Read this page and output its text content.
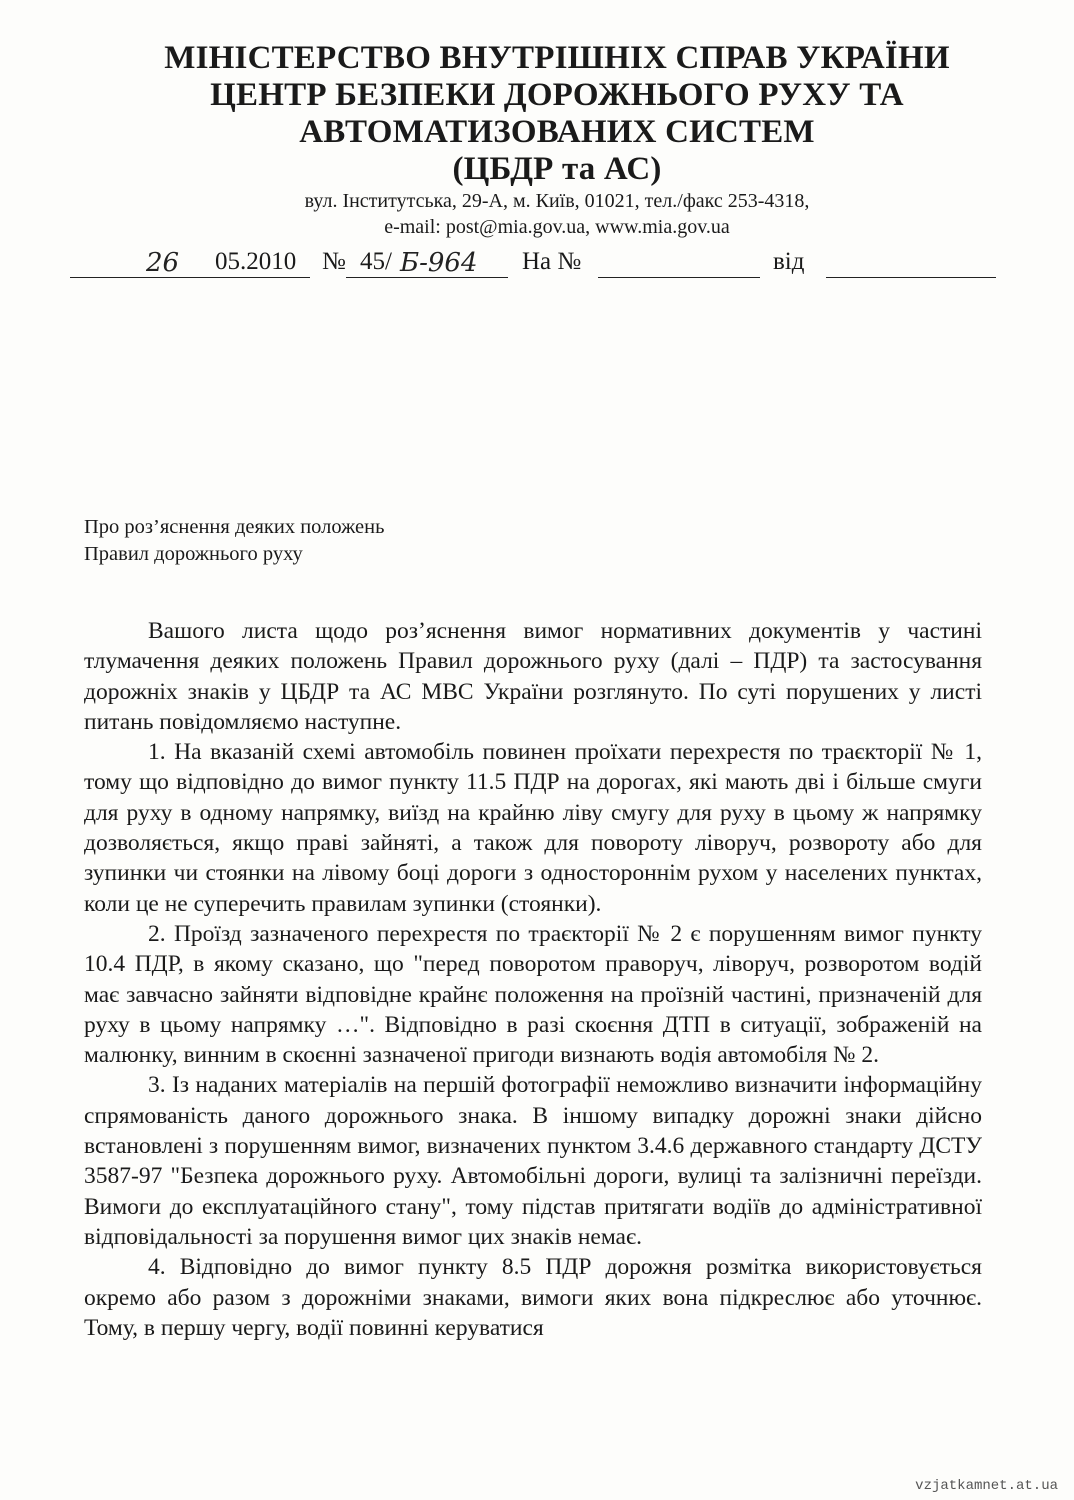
МІНІСТЕРСТВО ВНУТРІШНІХ СПРАВ УКРАЇНИ

ЦЕНТР БЕЗПЕКИ ДОРОЖНЬОГО РУХУ ТА

АВТОМАТИЗОВАНИХ СИСТЕМ

(ЦБДР та АС)

вул. Інститутська, 29-А, м. Київ, 01021, тел./факс 253-4318,

e-mail: post@mia.gov.ua, www.mia.gov.ua

26 05.2010 № 45/ Б-964 На №	від
Про роз’яснення деяких положень
Правил дорожнього руху

Вашого листа щодо роз’яснення вимог нормативних документів у частині тлумачення деяких положень Правил дорожнього руху (далі – ПДР) та застосування дорожніх знаків у ЦБДР та АС МВС України розглянуто. По суті порушених у листі питань повідомляємо наступне.

1. На вказаній схемі автомобіль повинен проїхати перехрестя по траєкторії № 1, тому що відповідно до вимог пункту 11.5 ПДР на дорогах, які мають дві і більше смуги для руху в одному напрямку, виїзд на крайню ліву смугу для руху в цьому ж напрямку дозволяється, якщо праві зайняті, а також для повороту ліворуч, розвороту або для зупинки чи стоянки на лівому боці дороги з одностороннім рухом у населених пунктах, коли це не суперечить правилам зупинки (стоянки).

2. Проїзд зазначеного перехрестя по траєкторії № 2 є порушенням вимог пункту 10.4 ПДР, в якому сказано, що "перед поворотом праворуч, ліворуч, розворотом водій має завчасно зайняти відповідне крайнє положення на проїзній частині, призначеній для руху в цьому напрямку …". Відповідно в разі скоєння ДТП в ситуації, зображеній на малюнку, винним в скоєнні зазначеної пригоди визнають водія автомобіля № 2.

3. Із наданих матеріалів на першій фотографії неможливо визначити інформаційну спрямованість даного дорожнього знака. В іншому випадку дорожні знаки дійсно встановлені з порушенням вимог, визначених пунктом 3.4.6 державного стандарту ДСТУ 3587-97 "Безпека дорожнього руху. Автомобільні дороги, вулиці та залізничні переїзди. Вимоги до експлуатаційного стану", тому підстав притягати водіїв до адміністративної відповідальності за порушення вимог цих знаків немає.

4. Відповідно до вимог пункту 8.5 ПДР дорожня розмітка використовується окремо або разом з дорожніми знаками, вимоги яких вона підкреслює або уточнює. Тому, в першу чергу, водії повинні керуватися

vzjatkamnet.at.ua
